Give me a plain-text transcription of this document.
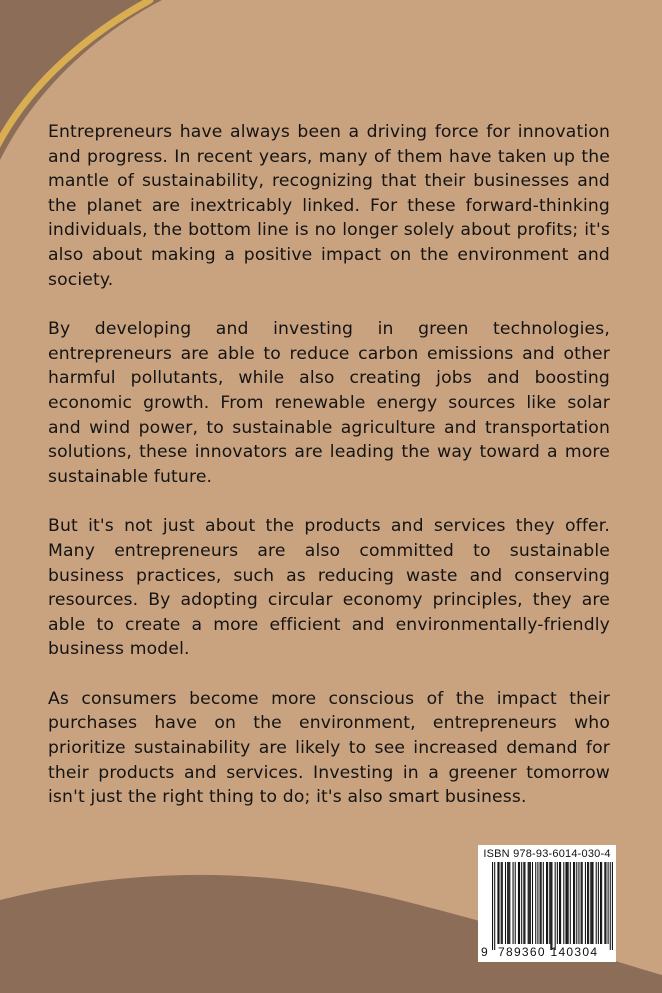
Entrepreneurs have always been a driving force for innovation and progress. In recent years, many of them have taken up the mantle of sustainability, recognizing that their businesses and the planet are inextricably linked. For these forward-thinking individuals, the bottom line is no longer solely about profits; it's also about making a positive impact on the environment and society.

By developing and investing in green technologies, entrepreneurs are able to reduce carbon emissions and other harmful pollutants, while also creating jobs and boosting economic growth. From renewable energy sources like solar and wind power, to sustainable agriculture and transportation solutions, these innovators are leading the way toward a more sustainable future.

But it's not just about the products and services they offer. Many entrepreneurs are also committed to sustainable business practices, such as reducing waste and conserving resources. By adopting circular economy principles, they are able to create a more efficient and environmentally-friendly business model.

As consumers become more conscious of the impact their purchases have on the environment, entrepreneurs who prioritize sustainability are likely to see increased demand for their products and services. Investing in a greener tomorrow isn't just the right thing to do; it's also smart business.

ISBN 978-93-6014-030-4
9 789360 140304
